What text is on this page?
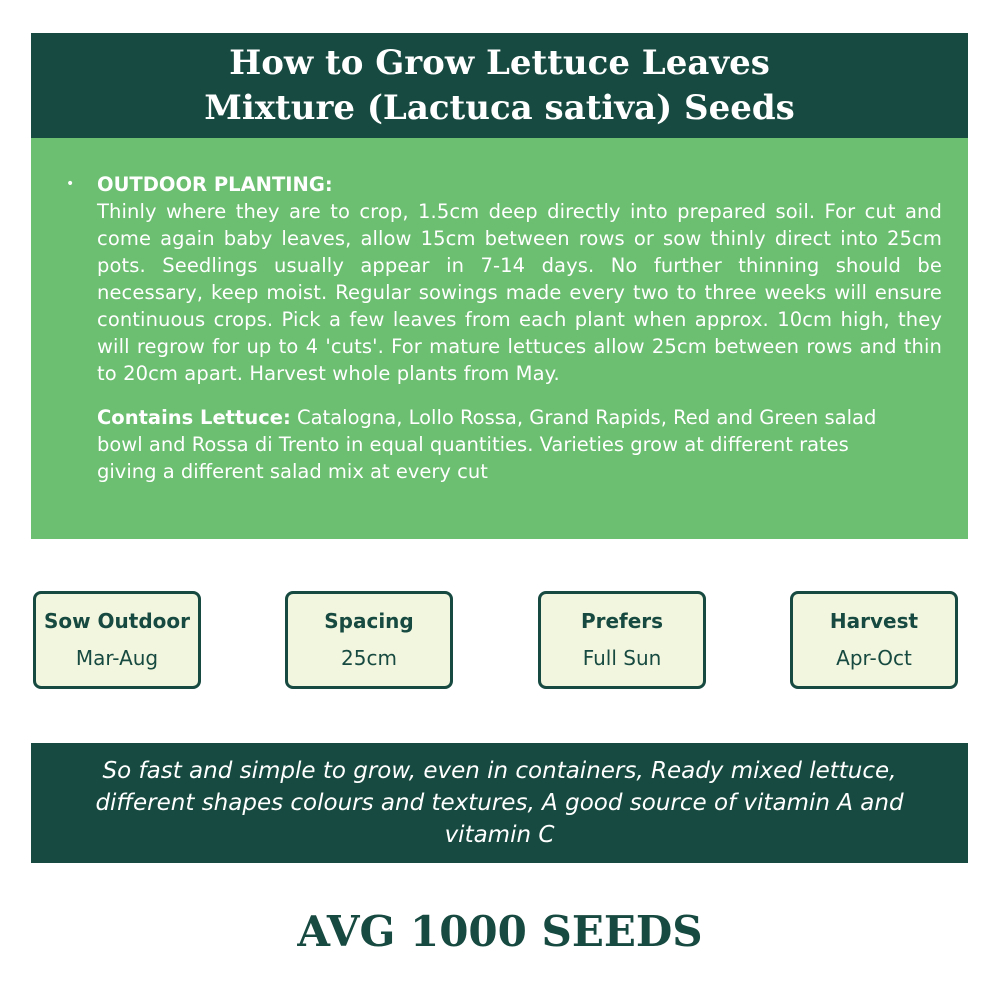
How to Grow Lettuce Leaves
Mixture (Lactuca sativa) Seeds
•	OUTDOOR PLANTING:
Thinly where they are to crop, 1.5cm deep directly into prepared soil. For cut and come again baby leaves, allow 15cm between rows or sow thinly direct into 25cm pots. Seedlings usually appear in 7-14 days. No further thinning should be necessary, keep moist. Regular sowings made every two to three weeks will ensure continuous crops. Pick a few leaves from each plant when approx. 10cm high, they will regrow for up to 4 'cuts'. For mature lettuces allow 25cm between rows and thin to 20cm apart. Harvest whole plants from May.
Contains Lettuce: Catalogna, Lollo Rossa, Grand Rapids, Red and Green salad bowl and Rossa di Trento in equal quantities. Varieties grow at different rates giving a different salad mix at every cut
Sow Outdoor
Mar-Aug
Spacing
25cm
Prefers
Full Sun
Harvest
Apr-Oct
So fast and simple to grow, even in containers, Ready mixed lettuce, different shapes colours and textures, A good source of vitamin A and vitamin C
AVG 1000 SEEDS
